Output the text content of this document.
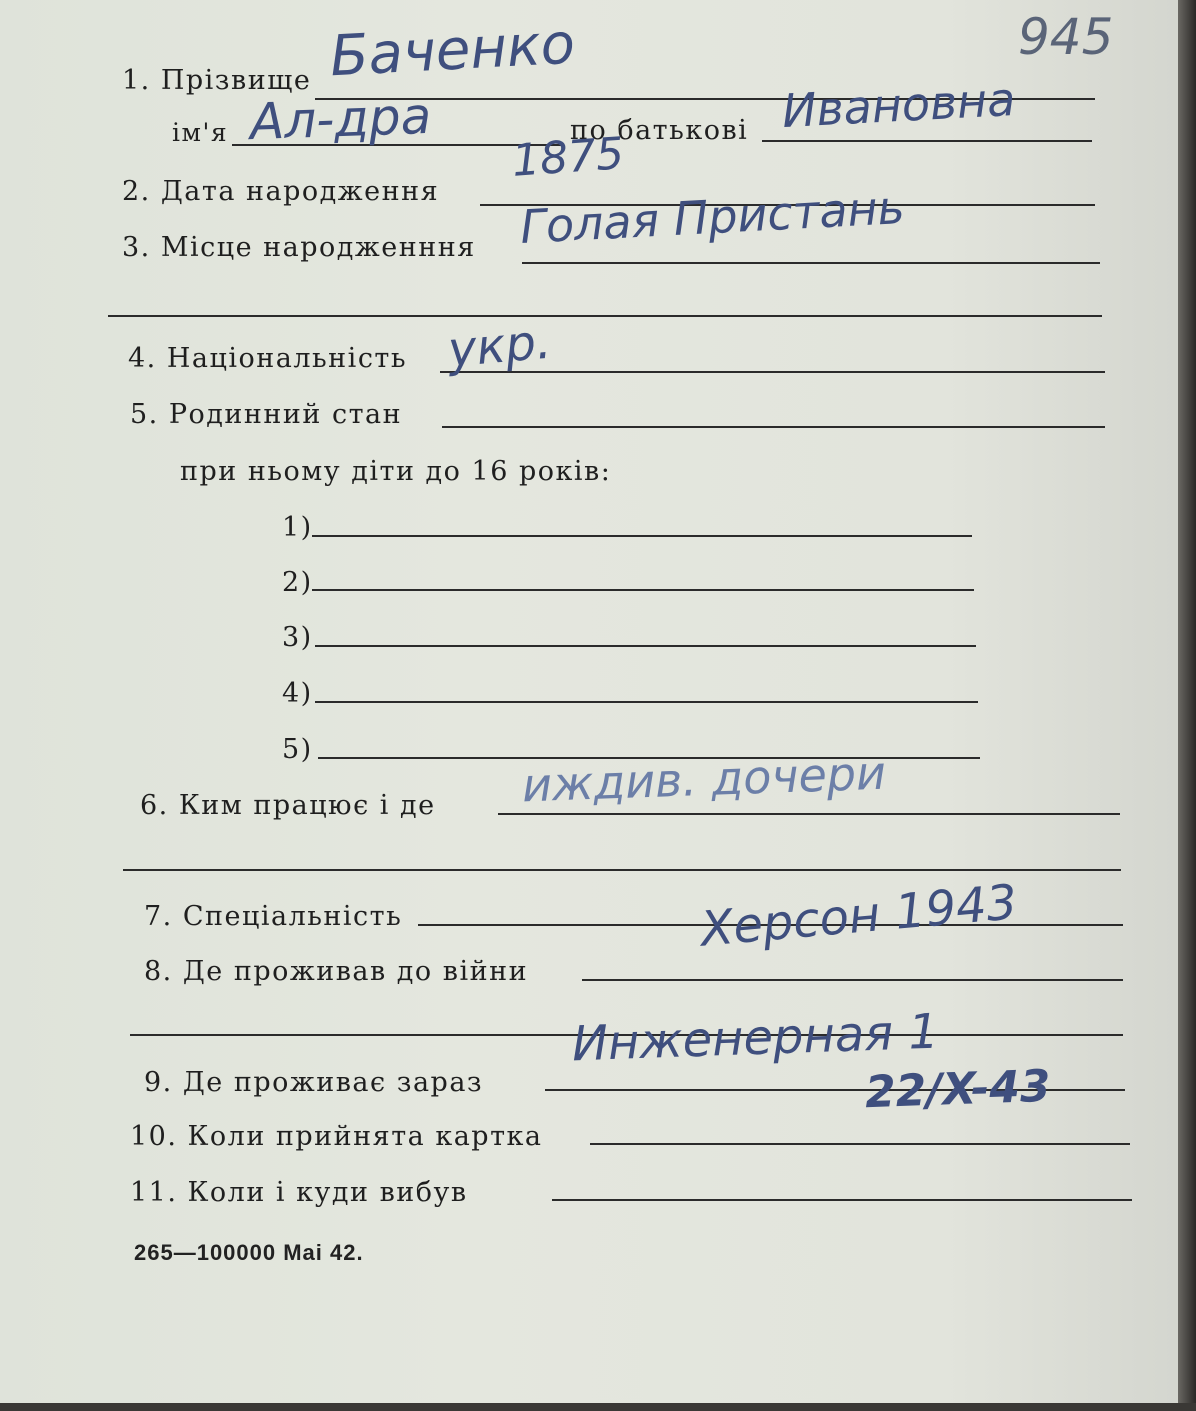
1. Прізвище
ім'я	по батькові
2. Дата народження
3. Місце народженння
4. Національність
5. Родинний стан
при ньому діти до 16 років:
1)
2)
3)
4)
5)
6. Ким працює і де
7. Спеціальність
8. Де проживав до війни
9. Де проживає зараз
10. Коли прийнята картка
11. Коли і куди вибув
265—100000 Mai 42.
945
Баченко
Ал-дра	Ивановна
1875
Голая Пристань
укр.
иждив. дочери
Херсон 1943
Инженерная 1
22/X-43
